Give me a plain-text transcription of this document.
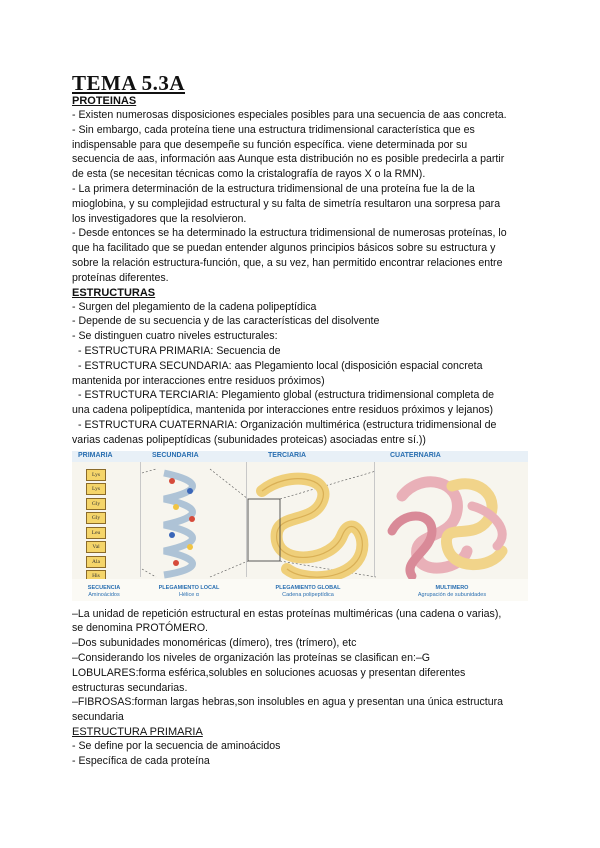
TEMA 5.3A
PROTEINAS

- Existen numerosas disposiciones especiales posibles para una secuencia de aas concreta.

- Sin embargo, cada proteína tiene una estructura tridimensional característica que es

indispensable para que desempeñe su función específica. viene determinada por su

secuencia de aas, información aas Aunque esta distribución no es posible predecirla a partir

de esta (se necesitan técnicas como la cristalografía de rayos X o la RMN).

- La primera determinación de la estructura tridimensional de una proteína fue la de la

mioglobina, y su complejidad estructural y su falta de simetría resultaron una sorpresa para

los investigadores que la resolvieron.

- Desde entonces se ha determinado la estructura tridimensional de numerosas proteínas, lo

que ha facilitado que se puedan entender algunos principios básicos sobre su estructura y

sobre la relación estructura-función, que, a su vez, han permitido encontrar relaciones entre

proteínas diferentes.

ESTRUCTURAS

- Surgen del plegamiento de la cadena polipeptídica

- Depende de su secuencia y de las características del disolvente

- Se distinguen cuatro niveles estructurales:

- ESTRUCTURA PRIMARIA: Secuencia de

- ESTRUCTURA SECUNDARIA: aas Plegamiento local (disposición espacial concreta

mantenida por interacciones entre residuos próximos)

- ESTRUCTURA TERCIARIA: Plegamiento global (estructura tridimensional completa de

una cadena polipeptídica, mantenida por interacciones entre residuos próximos y lejanos)

- ESTRUCTURA CUATERNARIA: Organización multimérica (estructura tridimensional de

varias cadenas polipeptídicas (subunidades proteicas) asociadas entre sí.))

PRIMARIA	SECUNDARIA	TERCIARIA	CUATERNARIA
Lys
Lys
Gly
Gly
Leu
Val
Ala
His
SECUENCIA
Aminoácidos
PLEGAMIENTO LOCAL
Hélice α
PLEGAMIENTO GLOBAL
Cadena polipeptídica
MULTIMERO
Agrupación de subunidades

–La unidad de repetición estructural en estas proteínas multiméricas (una cadena o varias),

se denomina PROTÓMERO.

–Dos subunidades monoméricas (dímero), tres (trímero), etc

–Considerando los niveles de organización las proteínas se clasifican en:–G

LOBULARES:forma esférica,solubles en soluciones acuosas y presentan diferentes

estructuras secundarias.

–FIBROSAS:forman largas hebras,son insolubles en agua y presentan una única estructura

secundaria

ESTRUCTURA PRIMARIA

- Se define por la secuencia de aminoácidos

- Específica de cada proteína
